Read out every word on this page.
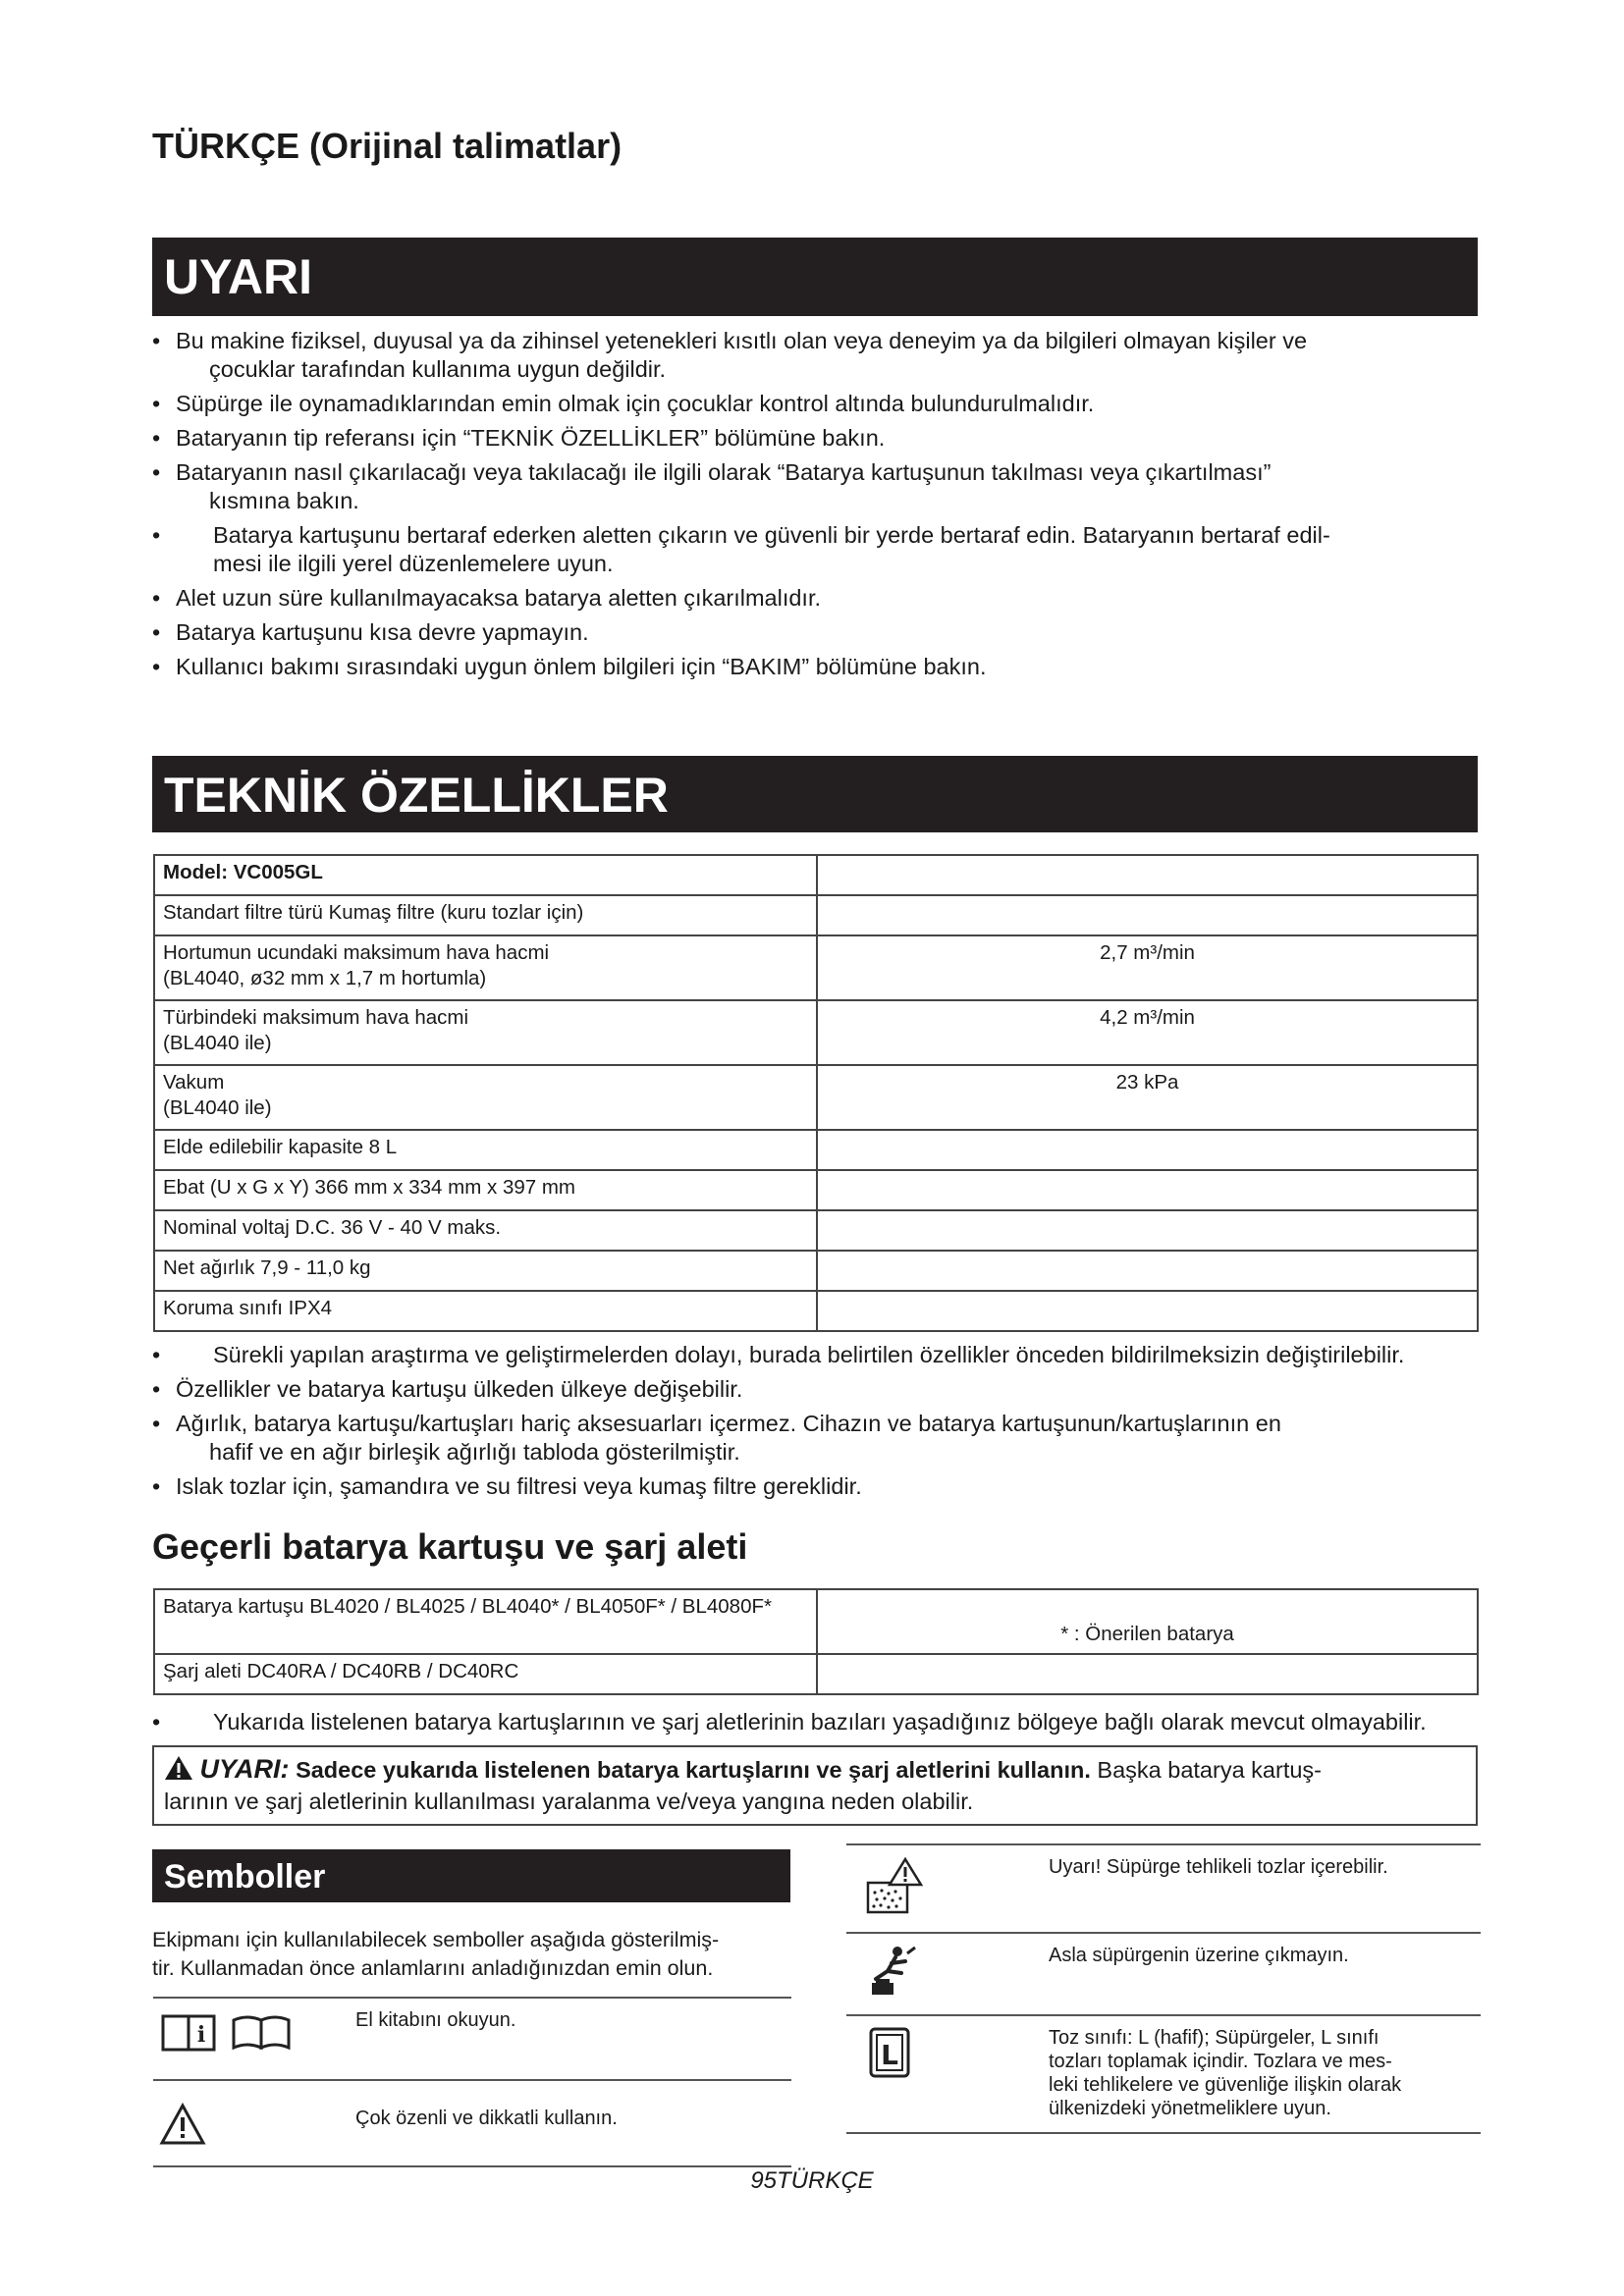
TÜRKÇE (Orijinal talimatlar)
UYARI
• Bu makine fiziksel, duyusal ya da zihinsel yetenekleri kısıtlı olan veya deneyim ya da bilgileri olmayan kişiler ve
çocuklar tarafından kullanıma uygun değildir.
• Süpürge ile oynamadıklarından emin olmak için çocuklar kontrol altında bulundurulmalıdır.
• Bataryanın tip referansı için “TEKNİK ÖZELLİKLER” bölümüne bakın.
• Bataryanın nasıl çıkarılacağı veya takılacağı ile ilgili olarak “Batarya kartuşunun takılması veya çıkartılması”
kısmına bakın.
• Batarya kartuşunu bertaraf ederken aletten çıkarın ve güvenli bir yerde bertaraf edin. Bataryanın bertaraf edil-
mesi ile ilgili yerel düzenlemelere uyun.
• Alet uzun süre kullanılmayacaksa batarya aletten çıkarılmalıdır.
• Batarya kartuşunu kısa devre yapmayın.
• Kullanıcı bakımı sırasındaki uygun önlem bilgileri için “BAKIM” bölümüne bakın.
TEKNİK ÖZELLİKLER
Model: VC005GL	
Standart filtre türü Kumaş filtre (kuru tozlar için)	
Hortumun ucundaki maksimum hava hacmi
(BL4040, ø32 mm x 1,7 m hortumla)	2,7 m³/min
Türbindeki maksimum hava hacmi
(BL4040 ile)	4,2 m³/min
Vakum
(BL4040 ile)	23 kPa
Elde edilebilir kapasite 8 L	
Ebat (U x G x Y) 366 mm x 334 mm x 397 mm	
Nominal voltaj D.C. 36 V - 40 V maks.	
Net ağırlık 7,9 - 11,0 kg	
Koruma sınıfı IPX4	
• Sürekli yapılan araştırma ve geliştirmelerden dolayı, burada belirtilen özellikler önceden bildirilmeksizin değiştirilebilir.
• Özellikler ve batarya kartuşu ülkeden ülkeye değişebilir.
• Ağırlık, batarya kartuşu/kartuşları hariç aksesuarları içermez. Cihazın ve batarya kartuşunun/kartuşlarının en
hafif ve en ağır birleşik ağırlığı tabloda gösterilmiştir.
• Islak tozlar için, şamandıra ve su filtresi veya kumaş filtre gereklidir.
Geçerli batarya kartuşu ve şarj aleti
Batarya kartuşu BL4020 / BL4025 / BL4040* / BL4050F* / BL4080F*	* : Önerilen batarya
Şarj aleti DC40RA / DC40RB / DC40RC	
• Yukarıda listelenen batarya kartuşlarının ve şarj aletlerinin bazıları yaşadığınız bölgeye bağlı olarak mevcut olmayabilir.
UYARI: Sadece yukarıda listelenen batarya kartuşlarını ve şarj aletlerini kullanın. Başka batarya kartuş-
larının ve şarj aletlerinin kullanılması yaralanma ve/veya yangına neden olabilir.
Semboller
Ekipmanı için kullanılabilecek semboller aşağıda gösterilmiş-
tir. Kullanmadan önce anlamlarını anladığınızdan emin olun.
i	El kitabını okuyun.
	Çok özenli ve dikkatli kullanın.
	Uyarı! Süpürge tehlikeli tozlar içerebilir.
	Asla süpürgenin üzerine çıkmayın.

L	Toz sınıfı: L (hafif); Süpürgeler, L sınıfı
tozları toplamak içindir. Tozlara ve mes-
leki tehlikelere ve güvenliğe ilişkin olarak
ülkenizdeki yönetmeliklere uyun.
95TÜRKÇE
